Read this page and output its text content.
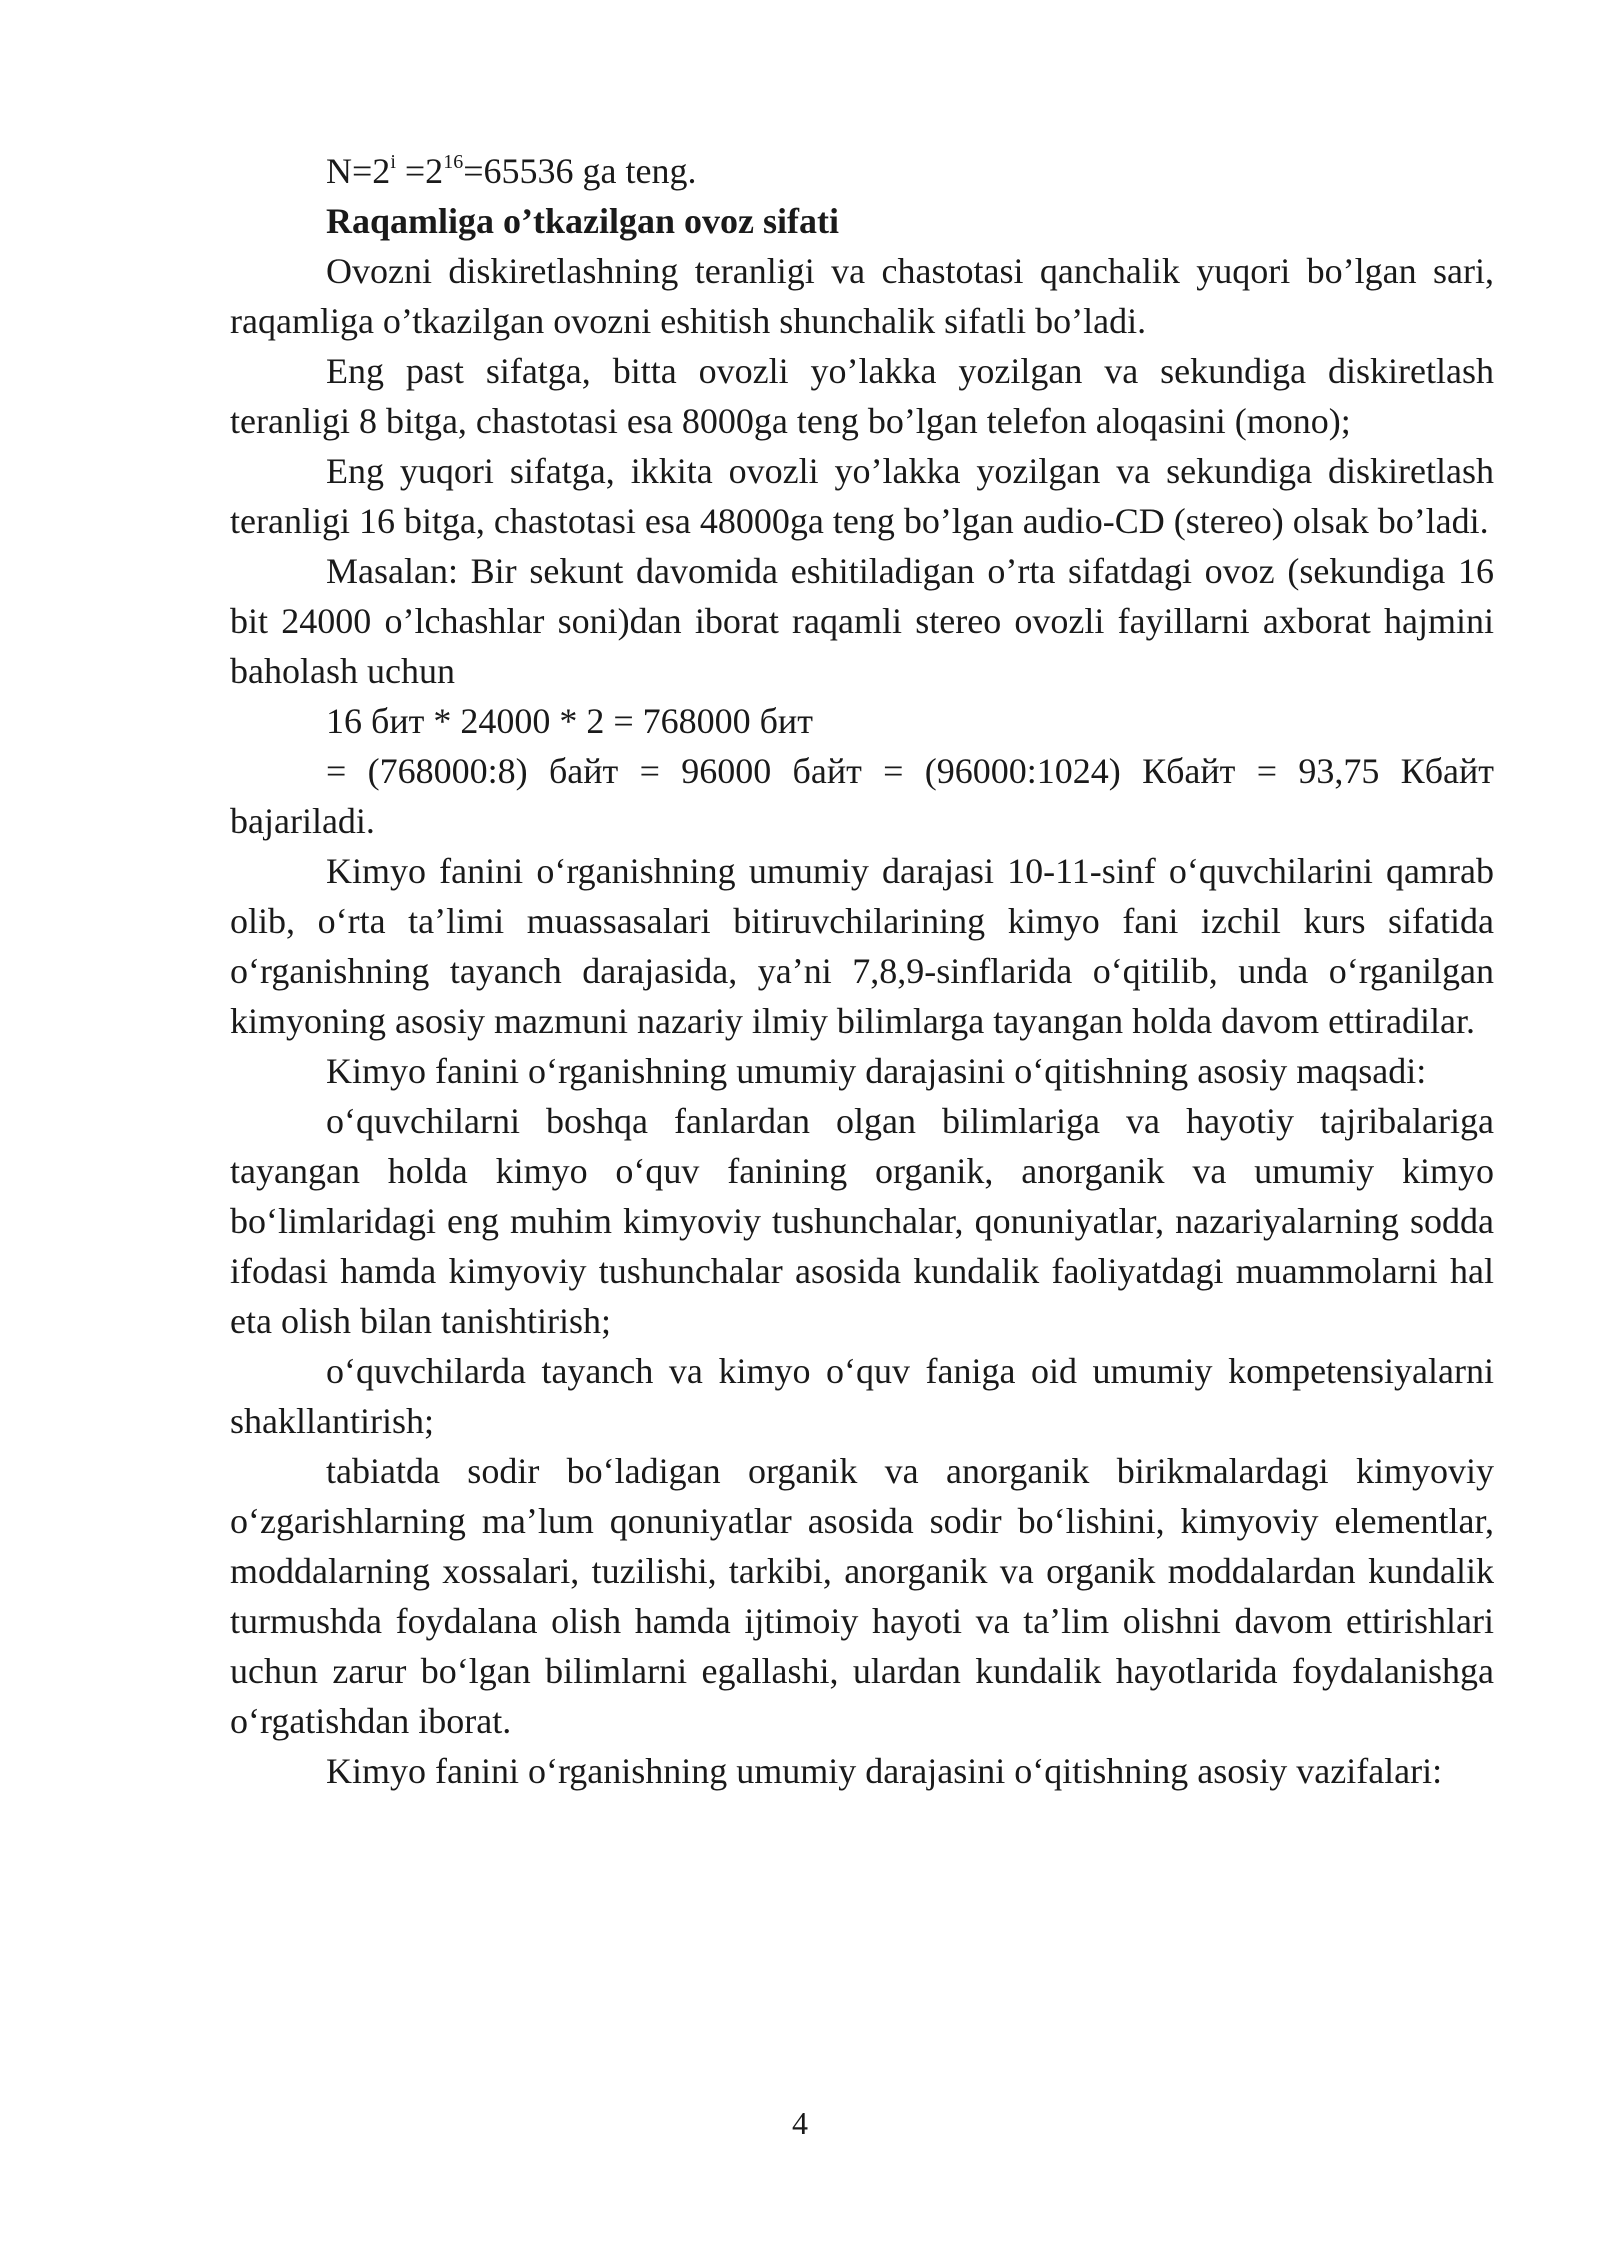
$N=2^i =2^{16}=65536$ ga teng.

Raqamliga o’tkazilgan ovoz sifati

Ovozni diskiretlashning teranligi va chastotasi qanchalik yuqori bo’lgan sari, raqamliga o’tkazilgan ovozni eshitish shunchalik sifatli bo’ladi.

Eng past sifatga, bitta ovozli yo’lakka yozilgan va sekundiga diskiretlash teranligi 8 bitga, chastotasi esa 8000ga teng bo’lgan telefon aloqasini (mono);

Eng yuqori sifatga, ikkita ovozli yo’lakka yozilgan va sekundiga diskiretlash teranligi 16 bitga, chastotasi esa 48000ga teng bo’lgan audio-CD (stereo) olsak bo’ladi.

Masalan: Bir sekunt davomida eshitiladigan o’rta sifatdagi ovoz (sekundiga 16 bit 24000 o’lchashlar soni)dan iborat raqamli stereo ovozli fayillarni axborat hajmini baholash uchun

16 бит * 24000 * 2 = 768000 бит

= (768000:8) байт = 96000 байт = (96000:1024) Кбайт = 93,75 Кбайт bajariladi.

Kimyo fanini oʻrganishning umumiy darajasi 10-11-sinf oʻquvchilarini qamrab olib, oʻrta taʼlimi muassasalari bitiruvchilarining kimyo fani izchil kurs sifatida oʻrganishning tayanch darajasida, yaʼni 7,8,9-sinflarida oʻqitilib, unda oʻrganilgan kimyoning asosiy mazmuni nazariy ilmiy bilimlarga tayangan holda davom ettiradilar.

Kimyo fanini oʻrganishning umumiy darajasini oʻqitishning asosiy maqsadi:

oʻquvchilarni boshqa fanlardan olgan bilimlariga va hayotiy tajribalariga tayangan holda kimyo oʻquv fanining organik, anorganik va umumiy kimyo boʻlimlaridagi eng muhim kimyoviy tushunchalar, qonuniyatlar, nazariyalarning sodda ifodasi hamda kimyoviy tushunchalar asosida kundalik faoliyatdagi muammolarni hal eta olish bilan tanishtirish;

oʻquvchilarda tayanch va kimyo oʻquv faniga oid umumiy kompetensiyalarni shakllantirish;

tabiatda sodir boʻladigan organik va anorganik birikmalardagi kimyoviy oʻzgarishlarning maʼlum qonuniyatlar asosida sodir boʻlishini, kimyoviy elementlar, moddalarning xossalari, tuzilishi, tarkibi, anorganik va organik moddalardan kundalik turmushda foydalana olish hamda ijtimoiy hayoti va taʼlim olishni davom ettirishlari uchun zarur boʻlgan bilimlarni egallashi, ulardan kundalik hayotlarida foydalanishga oʻrgatishdan iborat.

Kimyo fanini oʻrganishning umumiy darajasini oʻqitishning asosiy vazifalari:

4
